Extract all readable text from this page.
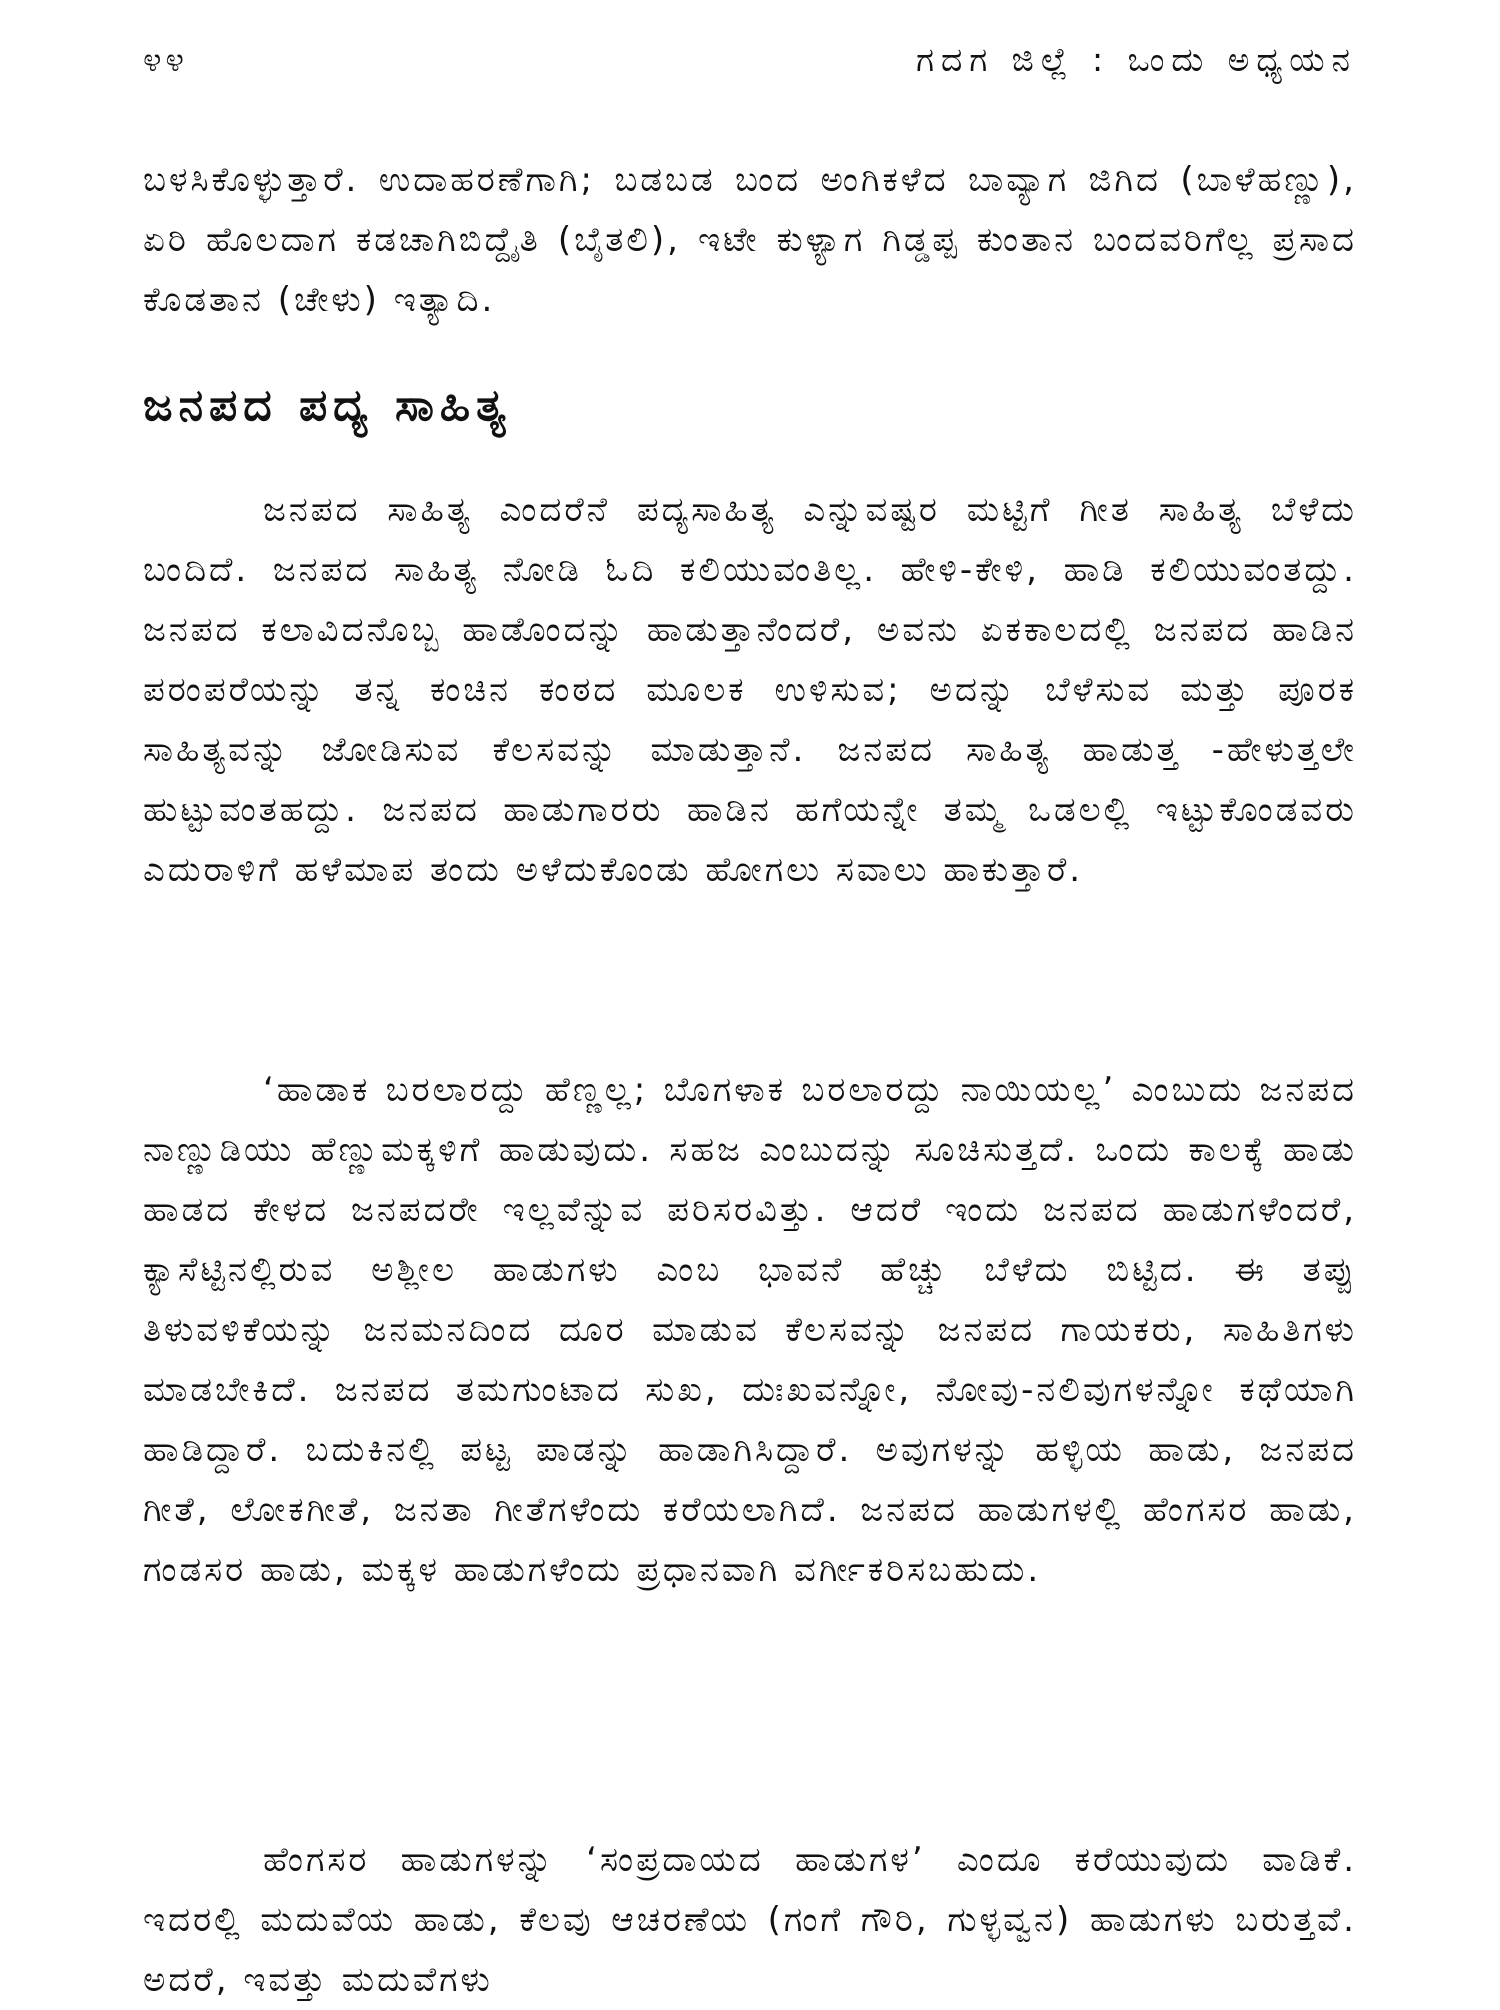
೪೪	ಗದಗ ಜಿಲ್ಲೆ : ಒಂದು ಅಧ್ಯಯನ

ಬಳಸಿಕೊಳ್ಳುತ್ತಾರೆ. ಉದಾಹರಣೆಗಾಗಿ; ಬಡಬಡ ಬಂದ ಅಂಗಿಕಳೆದ ಬಾವ್ಯಾಗ ಜಿಗಿದ (ಬಾಳೆಹಣ್ಣು), ಏರಿ ಹೊಲದಾಗ ಕಡಚಾಗಿಬಿದ್ದೈತಿ (ಬೈತಲಿ), ಇಟೇ ಕುಳ್ಯಾಗ ಗಿಡ್ಡಪ್ಪ ಕುಂತಾನ ಬಂದವರಿಗೆಲ್ಲ ಪ್ರಸಾದ ಕೊಡತಾನ (ಚೇಳು) ಇತ್ಯಾದಿ.

ಜನಪದ ಪದ್ಯ ಸಾಹಿತ್ಯ

ಜನಪದ ಸಾಹಿತ್ಯ ಎಂದರೆನೆ ಪದ್ಯಸಾಹಿತ್ಯ ಎನ್ನುವಷ್ಟರ ಮಟ್ಟಿಗೆ ಗೀತ ಸಾಹಿತ್ಯ ಬೆಳೆದು ಬಂದಿದೆ. ಜನಪದ ಸಾಹಿತ್ಯ ನೋಡಿ ಓದಿ ಕಲಿಯುವಂತಿಲ್ಲ. ಹೇಳಿ-ಕೇಳಿ, ಹಾಡಿ ಕಲಿಯುವಂತದ್ದು. ಜನಪದ ಕಲಾವಿದನೊಬ್ಬ ಹಾಡೊಂದನ್ನು ಹಾಡುತ್ತಾನೆಂದರೆ, ಅವನು ಏಕಕಾಲದಲ್ಲಿ ಜನಪದ ಹಾಡಿನ ಪರಂಪರೆಯನ್ನು ತನ್ನ ಕಂಚಿನ ಕಂಠದ ಮೂಲಕ ಉಳಿಸುವ; ಅದನ್ನು ಬೆಳೆಸುವ ಮತ್ತು ಪೂರಕ ಸಾಹಿತ್ಯವನ್ನು ಜೋಡಿಸುವ ಕೆಲಸವನ್ನು ಮಾಡುತ್ತಾನೆ. ಜನಪದ ಸಾಹಿತ್ಯ ಹಾಡುತ್ತ -ಹೇಳುತ್ತಲೇ ಹುಟ್ಟುವಂತಹದ್ದು. ಜನಪದ ಹಾಡುಗಾರರು ಹಾಡಿನ ಹಗೆಯನ್ನೇ ತಮ್ಮ ಒಡಲಲ್ಲಿ ಇಟ್ಟುಕೊಂಡವರು ಎದುರಾಳಿಗೆ ಹಳೆಮಾಪ ತಂದು ಅಳೆದುಕೊಂಡು ಹೋಗಲು ಸವಾಲು ಹಾಕುತ್ತಾರೆ.

‘ಹಾಡಾಕ ಬರಲಾರದ್ದು ಹೆಣ್ಣಲ್ಲ; ಬೊಗಳಾಕ ಬರಲಾರದ್ದು ನಾಯಿಯಲ್ಲ’ ಎಂಬುದು ಜನಪದ ನಾಣ್ಣುಡಿಯು ಹೆಣ್ಣುಮಕ್ಕಳಿಗೆ ಹಾಡುವುದು. ಸಹಜ ಎಂಬುದನ್ನು ಸೂಚಿಸುತ್ತದೆ. ಒಂದು ಕಾಲಕ್ಕೆ ಹಾಡು ಹಾಡದ ಕೇಳದ ಜನಪದರೇ ಇಲ್ಲವೆನ್ನುವ ಪರಿಸರವಿತ್ತು. ಆದರೆ ಇಂದು ಜನಪದ ಹಾಡುಗಳೆಂದರೆ, ಕ್ಯಾಸೆಟ್ಟಿನಲ್ಲಿರುವ ಅಶ್ಲೀಲ ಹಾಡುಗಳು ಎಂಬ ಭಾವನೆ ಹೆಚ್ಚು ಬೆಳೆದು ಬಿಟ್ಟಿದ. ಈ ತಪ್ಪು ತಿಳುವಳಿಕೆಯನ್ನು ಜನಮನದಿಂದ ದೂರ ಮಾಡುವ ಕೆಲಸವನ್ನು ಜನಪದ ಗಾಯಕರು, ಸಾಹಿತಿಗಳು ಮಾಡಬೇಕಿದೆ. ಜನಪದ ತಮಗುಂಟಾದ ಸುಖ, ದುಃಖವನ್ನೋ, ನೋವು-ನಲಿವುಗಳನ್ನೋ ಕಥೆಯಾಗಿ ಹಾಡಿದ್ದಾರೆ. ಬದುಕಿನಲ್ಲಿ ಪಟ್ಟ ಪಾಡನ್ನು ಹಾಡಾಗಿಸಿದ್ದಾರೆ. ಅವುಗಳನ್ನು ಹಳ್ಳಿಯ ಹಾಡು, ಜನಪದ ಗೀತೆ, ಲೋಕಗೀತೆ, ಜನತಾ ಗೀತೆಗಳೆಂದು ಕರೆಯಲಾಗಿದೆ. ಜನಪದ ಹಾಡುಗಳಲ್ಲಿ ಹೆಂಗಸರ ಹಾಡು, ಗಂಡಸರ ಹಾಡು, ಮಕ್ಕಳ ಹಾಡುಗಳೆಂದು ಪ್ರಧಾನವಾಗಿ ವರ್ಗೀಕರಿಸಬಹುದು.

ಹೆಂಗಸರ ಹಾಡುಗಳನ್ನು ‘ಸಂಪ್ರದಾಯದ ಹಾಡುಗಳ’ ಎಂದೂ ಕರೆಯುವುದು ವಾಡಿಕೆ. ಇದರಲ್ಲಿ ಮದುವೆಯ ಹಾಡು, ಕೆಲವು ಆಚರಣೆಯ (ಗಂಗೆ ಗೌರಿ, ಗುಳ್ಳವ್ವನ) ಹಾಡುಗಳು ಬರುತ್ತವೆ. ಅದರೆ, ಇವತ್ತು ಮದುವೆಗಳು
